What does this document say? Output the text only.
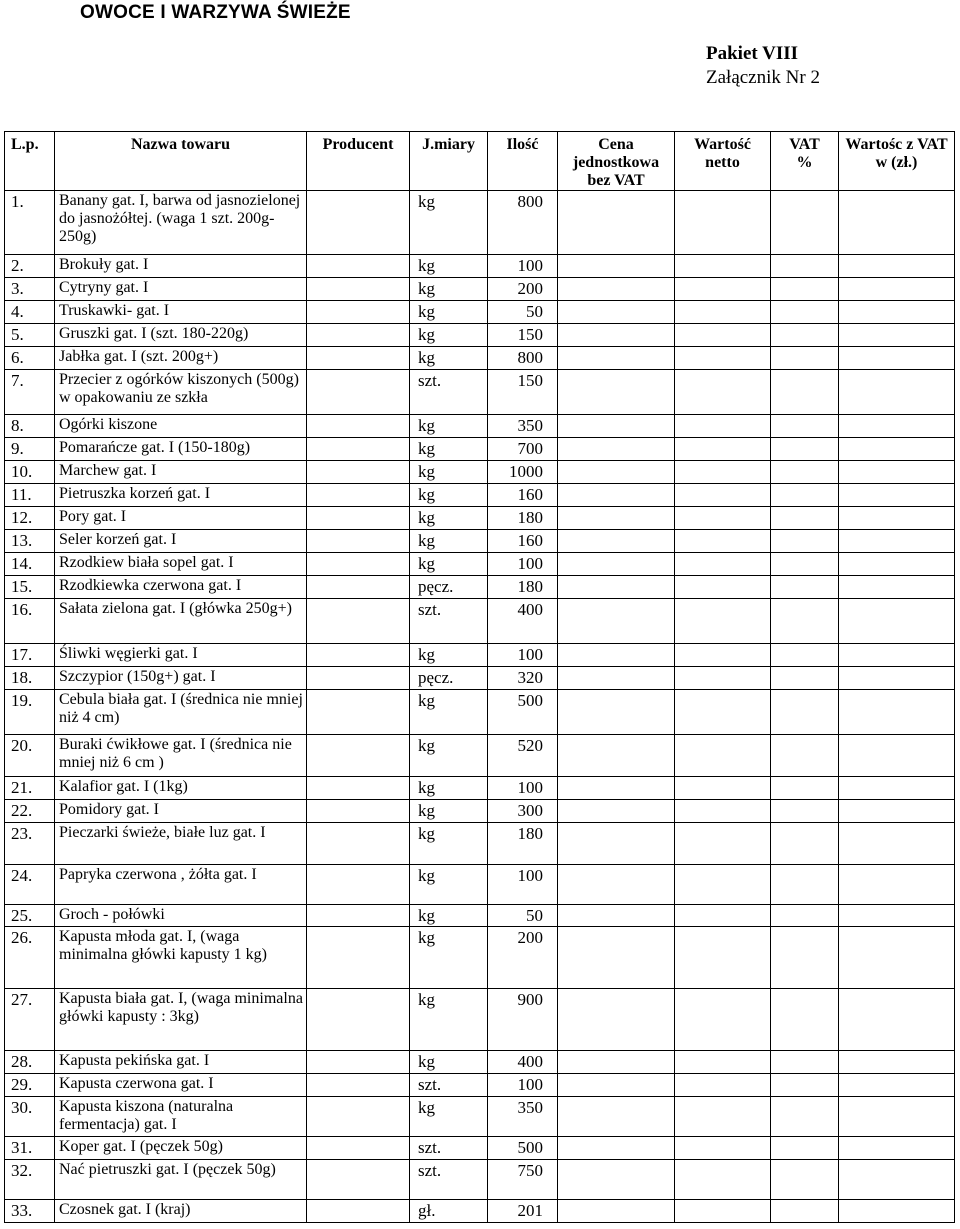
OWOCE I WARZYWA ŚWIEŻE
Pakiet VIII
Załącznik Nr 2
L.p.	Nazwa towaru	Producent	J.miary	Ilość	Cena jednostkowa bez VAT	Wartość netto	VAT %	Wartośc z VAT w (zł.)
1.	Banany gat. I, barwa od jasnozielonej do jasnożółtej. (waga 1 szt. 200g-250g)		kg	800				
2.	Brokuły gat. I		kg	100				
3.	Cytryny gat. I		kg	200				
4.	Truskawki- gat. I		kg	50				
5.	Gruszki gat. I (szt. 180-220g)		kg	150				
6.	Jabłka gat. I (szt. 200g+)		kg	800				
7.	Przecier z ogórków kiszonych (500g) w opakowaniu ze szkła		szt.	150				
8.	Ogórki kiszone		kg	350				
9.	Pomarańcze gat. I (150-180g)		kg	700				
10.	Marchew gat. I		kg	1000				
11.	Pietruszka korzeń gat. I		kg	160				
12.	Pory gat. I		kg	180				
13.	Seler korzeń gat. I		kg	160				
14.	Rzodkiew biała sopel gat. I		kg	100				
15.	Rzodkiewka czerwona gat. I		pęcz.	180				
16.	Sałata zielona gat. I (główka 250g+)		szt.	400				
17.	Śliwki węgierki gat. I		kg	100				
18.	Szczypior (150g+) gat. I		pęcz.	320				
19.	Cebula biała gat. I (średnica nie mniej niż 4 cm)		kg	500				
20.	Buraki ćwikłowe gat. I (średnica nie mniej niż 6 cm )		kg	520				
21.	Kalafior gat. I (1kg)		kg	100				
22.	Pomidory gat. I		kg	300				
23.	Pieczarki świeże, białe luz gat. I		kg	180				
24.	Papryka czerwona , żółta gat. I		kg	100				
25.	Groch - połówki		kg	50				
26.	Kapusta młoda gat. I, (waga minimalna główki kapusty 1 kg)		kg	200				
27.	Kapusta biała gat. I, (waga minimalna główki kapusty : 3kg)		kg	900				
28.	Kapusta pekińska gat. I		kg	400				
29.	Kapusta czerwona gat. I		szt.	100				
30.	Kapusta kiszona (naturalna fermentacja) gat. I		kg	350				
31.	Koper gat. I (pęczek 50g)		szt.	500				
32.	Nać pietruszki gat. I (pęczek 50g)		szt.	750				
33.	Czosnek gat. I (kraj)		gł.	201				
